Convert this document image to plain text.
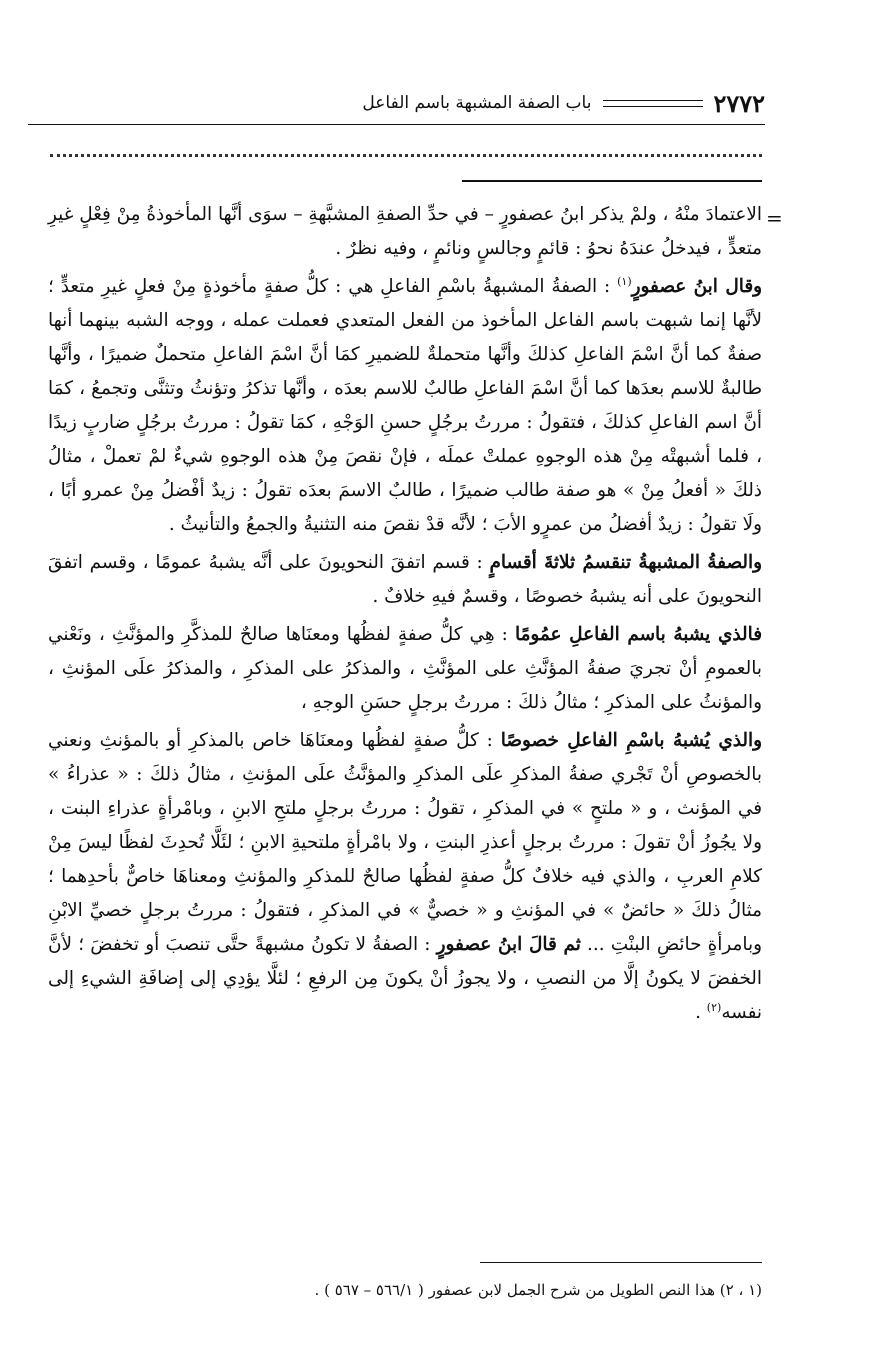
٢٧٧٢
باب الصفة المشبهة باسم الفاعل
=

الاعتمادَ منْهُ ، ولمْ يذكر ابنُ عصفورٍ – في حدِّ الصفةِ المشبَّهةِ – سوَى أنَّها المأخوذةُ مِنْ فِعْلٍ غيرِ متعدٍّ ، فيدخلُ عندَهُ نحوُ : قائمٍ وجالسٍ ونائمٍ ، وفيه نظرٌ .

وقال ابنُ عصفورٍ$^{(١)}$ : الصفةُ المشبهةُ باسْمِ الفاعلِ هي : كلُّ صفةٍ مأخوذةٍ مِنْ فعلٍ غيرِ متعدٍّ ؛ لأنَّها إنما شبهت باسم الفاعل المأخوذ من الفعل المتعدي فعملت عمله ، ووجه الشبه بينهما أنها صفةٌ كما أنَّ اسْمَ الفاعلِ كذلكَ وأنَّها متحملةٌ للضميرِ كمَا أنَّ اسْمَ الفاعلِ متحملٌ ضميرًا ، وأنَّها طالبةٌ للاسم بعدَها كما أنَّ اسْمَ الفاعلِ طالبٌ للاسم بعدَه ، وأنَّها تذكرُ وتؤنثُ وتثنَّى وتجمعُ ، كمَا أنَّ اسم الفاعلِ كذلكَ ، فتقولُ : مررتُ برجُلٍ حسنِ الوَجْهِ ، كمَا تقولُ : مررتُ برجُلٍ ضاربٍ زيدًا ، فلما أشبهتْه مِنْ هذه الوجوهِ عملتْ عملَه ، فإنْ نقصَ مِنْ هذه الوجوهِ شيءٌ لمْ تعملْ ، مثالُ ذلكَ « أفعلُ مِنْ » هو صفة طالب ضميرًا ، طالبٌ الاسمَ بعدَه تقولُ : زيدٌ أفْضلُ مِنْ عمرو أبًا ، ولَا تقولُ : زيدٌ أفضلُ من عمرٍو الأبَ ؛ لأنَّه قدْ نقصَ منه التثنيةُ والجمعُ والتأنيثُ .

والصفةُ المشبهةُ تنقسمُ ثلاثةَ أقسامٍ : قسم اتفقَ النحويونَ على أنَّه يشبهُ عمومًا ، وقسم اتفقَ النحويونَ على أنه يشبهُ خصوصًا ، وقسمٌ فيهِ خلافٌ .

فالذي يشبهُ باسم الفاعلِ عمُومًا : هِي كلُّ صفةٍ لفظُها ومعنَاها صالحٌ للمذكَّرِ والمؤنَّثِ ، ونَعْني بالعمومِ أنْ تجريَ صفةُ المؤنَّثِ على المؤنَّثِ ، والمذكرُ على المذكرِ ، والمذكرُ علَى المؤنثِ ، والمؤنثُ على المذكرِ ؛ مثالُ ذلكَ : مررتُ برجلٍ حسَنِ الوجهِ ،

والذي يُشبهُ باسْمِ الفاعلِ خصوصًا : كلُّ صفةٍ لفظُها ومعنَاهَا خاص بالمذكرِ أو بالمؤنثِ ونعني بالخصوصِ أنْ تَجْري صفةُ المذكرِ علَى المذكرِ والمؤنَّثُ علَى المؤنثِ ، مثالُ ذلكَ : « عذراءُ » في المؤنث ، و « ملتحٍ » في المذكرِ ، تقولُ : مررتُ برجلٍ ملتحِ الابنِ ، وبامْرأةٍ عذراءِ البنت ، ولا يجُوزُ أنْ تقولَ : مررتُ برجلٍ أعذرِ البنتِ ، ولا بامْرأةٍ ملتحيةِ الابنِ ؛ لئَلَّا تُحدِثَ لفظًا ليسَ مِنْ كلامِ العربِ ، والذي فيه خلافٌ كلُّ صفةٍ لفظُها صالحٌ للمذكرِ والمؤنثِ ومعناهَا خاصٌّ بأحدِهما ؛ مثالُ ذلكَ « حائضٌ » في المؤنثِ و « خصيٌّ » في المذكرِ ، فتقولُ : مررتُ برجلٍ خصيِّ الابْنِ وبامرأةٍ حائضِ البنْتِ ... ثم قالَ ابنُ عصفورٍ : الصفةُ لا تكونُ مشبهةً حتَّى تنصبَ أو تخفضَ ؛ لأنَّ الخفضَ لا يكونُ إلَّا من النصبِ ، ولا يجوزُ أنْ يكونَ مِن الرفعِ ؛ لئلَّا يؤدِي إلى إضافَةِ الشيءِ إلى نفسه$^{(٢)}$ .

(١ ، ٢) هذا النص الطويل من شرح الجمل لابن عصفور ( ٥٦٦/١ – ٥٦٧ ) .
